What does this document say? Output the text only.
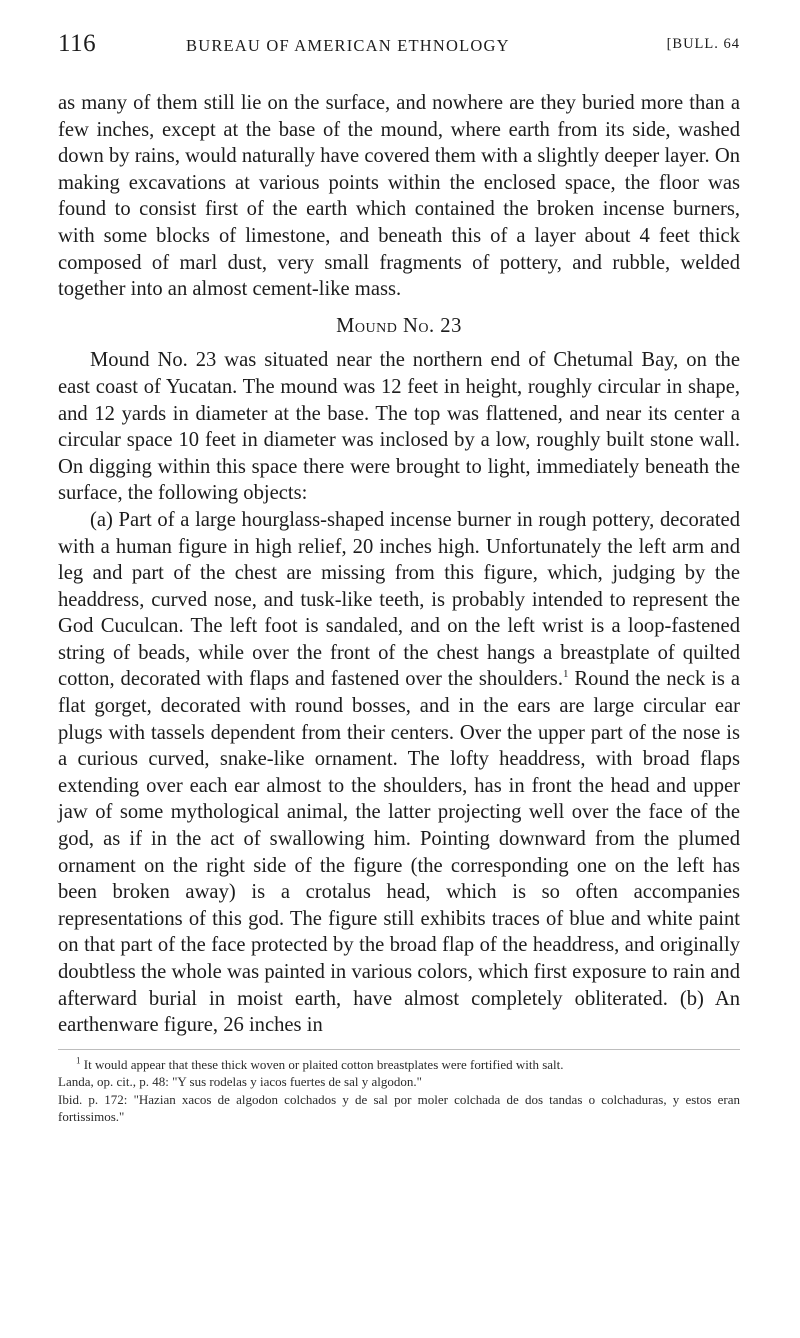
116	BUREAU OF AMERICAN ETHNOLOGY	[BULL. 64

as many of them still lie on the surface, and nowhere are they buried more than a few inches, except at the base of the mound, where earth from its side, washed down by rains, would naturally have covered them with a slightly deeper layer. On making excavations at various points within the enclosed space, the floor was found to consist first of the earth which contained the broken incense burners, with some blocks of limestone, and beneath this of a layer about 4 feet thick composed of marl dust, very small fragments of pottery, and rubble, welded together into an almost cement-like mass.

Mound No. 23

Mound No. 23 was situated near the northern end of Chetumal Bay, on the east coast of Yucatan. The mound was 12 feet in height, roughly circular in shape, and 12 yards in diameter at the base. The top was flattened, and near its center a circular space 10 feet in diameter was inclosed by a low, roughly built stone wall. On digging within this space there were brought to light, immediately beneath the surface, the following objects:

(a) Part of a large hourglass-shaped incense burner in rough pottery, decorated with a human figure in high relief, 20 inches high. Unfortunately the left arm and leg and part of the chest are missing from this figure, which, judging by the headdress, curved nose, and tusk-like teeth, is probably intended to represent the God Cuculcan. The left foot is sandaled, and on the left wrist is a loop-fastened string of beads, while over the front of the chest hangs a breastplate of quilted cotton, decorated with flaps and fastened over the shoulders.$^1$ Round the neck is a flat gorget, decorated with round bosses, and in the ears are large circular ear plugs with tassels dependent from their centers. Over the upper part of the nose is a curious curved, snake-like ornament. The lofty headdress, with broad flaps extending over each ear almost to the shoulders, has in front the head and upper jaw of some mythological animal, the latter projecting well over the face of the god, as if in the act of swallowing him. Pointing downward from the plumed ornament on the right side of the figure (the corresponding one on the left has been broken away) is a crotalus head, which is so often accompanies representations of this god. The figure still exhibits traces of blue and white paint on that part of the face protected by the broad flap of the headdress, and originally doubtless the whole was painted in various colors, which first exposure to rain and afterward burial in moist earth, have almost completely obliterated. (b) An earthenware figure, 26 inches in

$^1$ It would appear that these thick woven or plaited cotton breastplates were fortified with salt.

Landa, op. cit., p. 48: "Y sus rodelas y iacos fuertes de sal y algodon."

Ibid. p. 172: "Hazian xacos de algodon colchados y de sal por moler colchada de dos tandas o colchaduras, y estos eran fortissimos."
